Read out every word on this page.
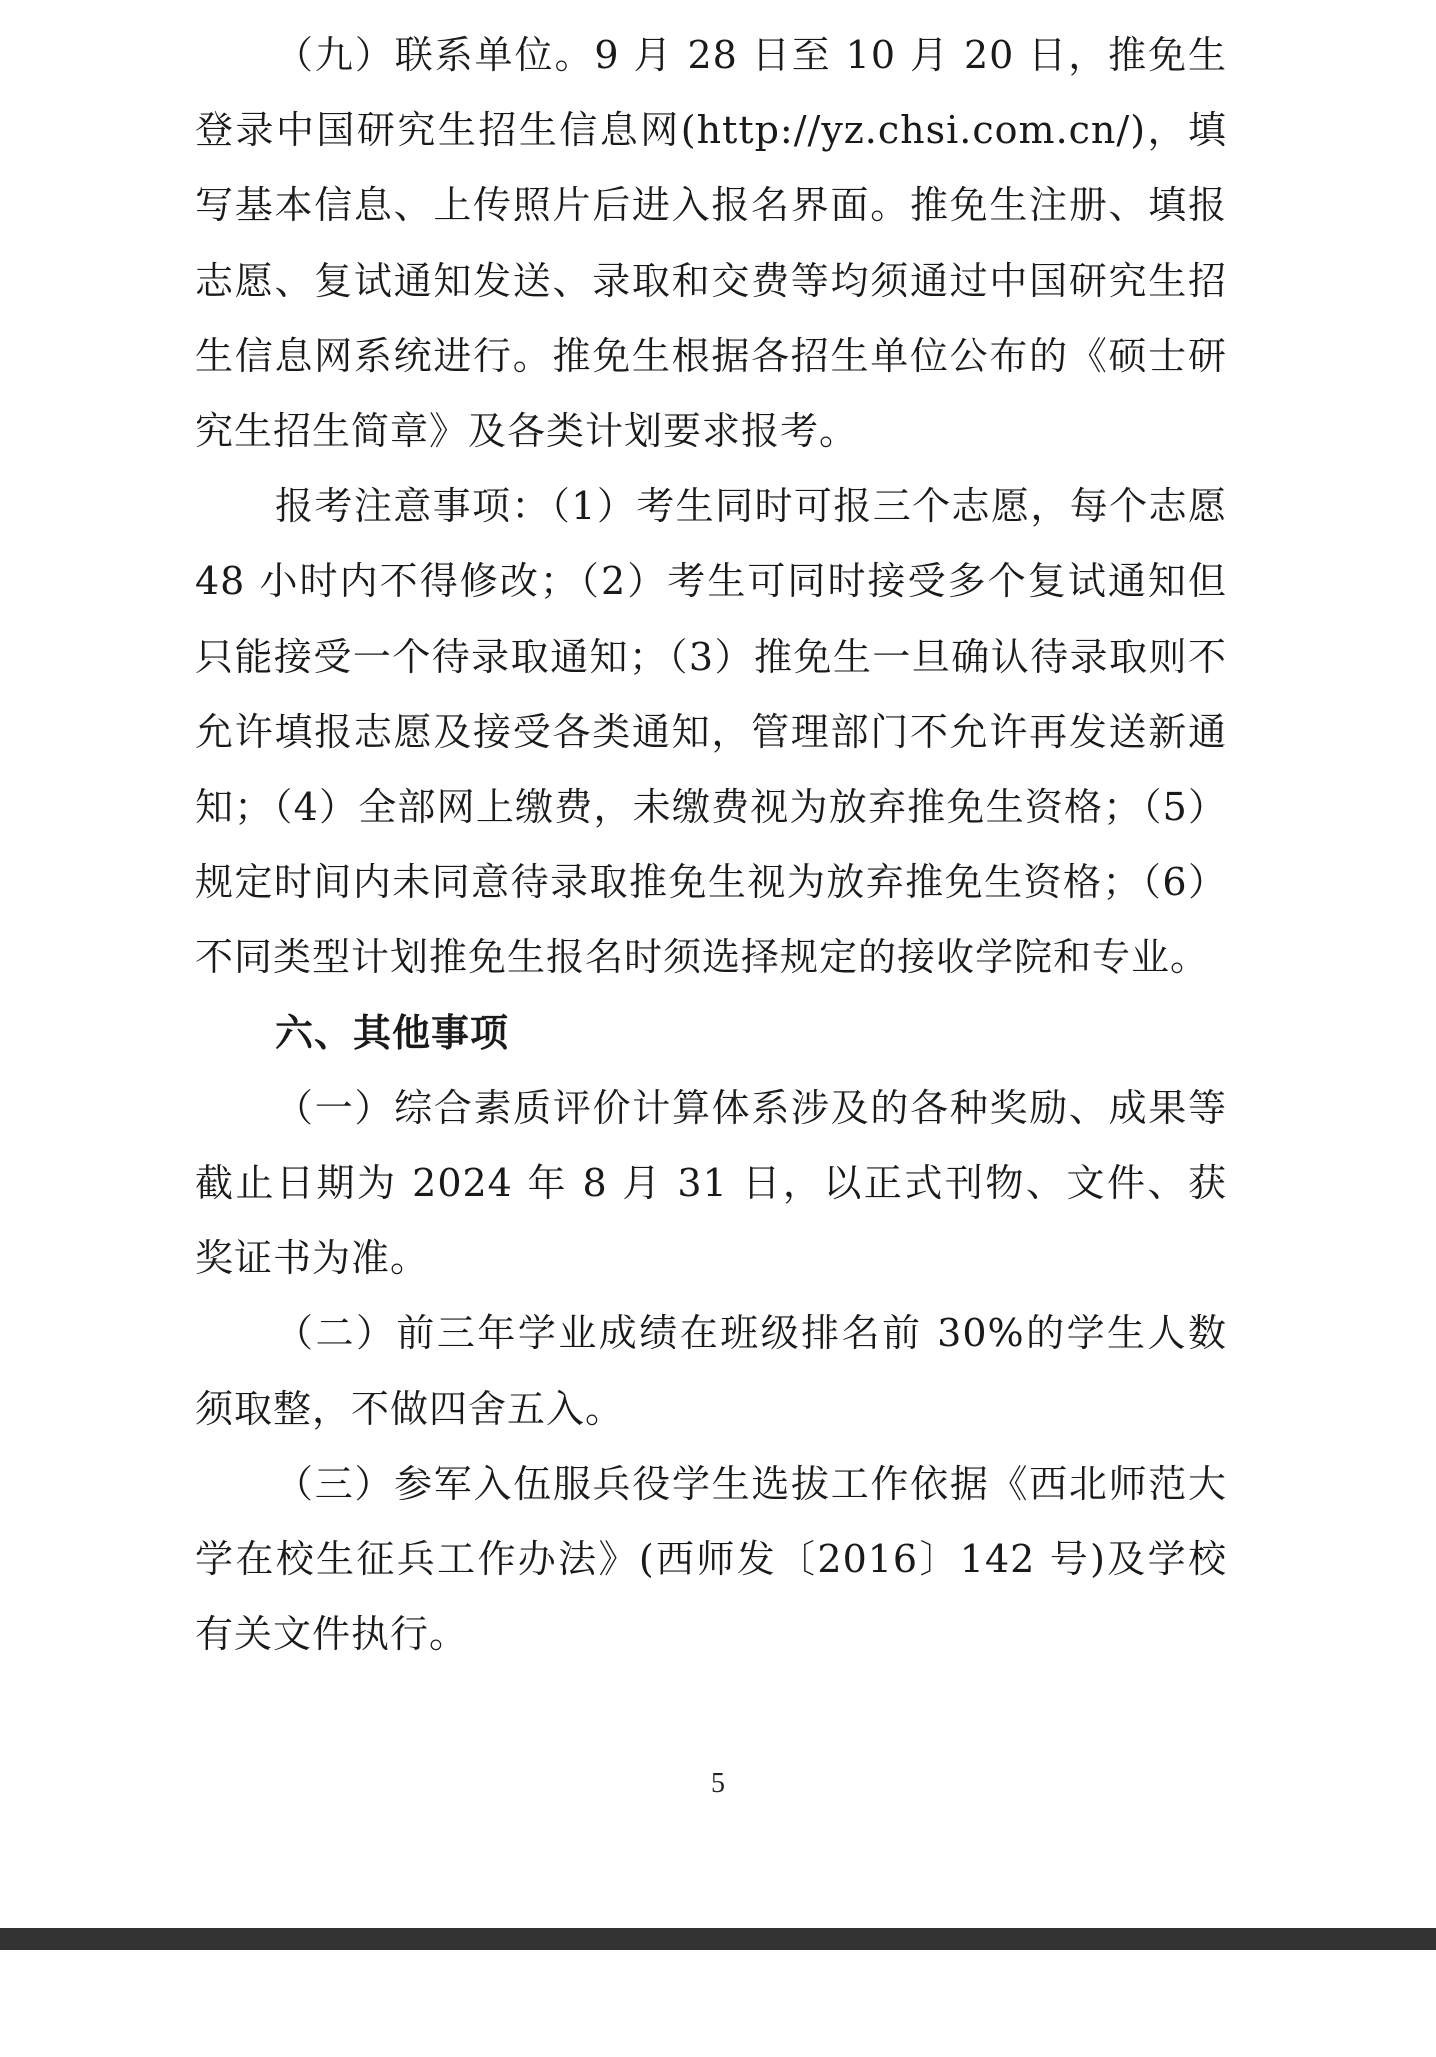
（九）联系单位。9 月 28 日至 10 月 20 日，推免生登录中国研究生招生信息网(http://yz.chsi.com.cn/)，填写基本信息、上传照片后进入报名界面。推免生注册、填报志愿、复试通知发送、录取和交费等均须通过中国研究生招生信息网系统进行。推免生根据各招生单位公布的《硕士研究生招生简章》及各类计划要求报考。

报考注意事项：（1）考生同时可报三个志愿，每个志愿 48 小时内不得修改；（2）考生可同时接受多个复试通知但只能接受一个待录取通知；（3）推免生一旦确认待录取则不允许填报志愿及接受各类通知，管理部门不允许再发送新通知；（4）全部网上缴费，未缴费视为放弃推免生资格；（5）规定时间内未同意待录取推免生视为放弃推免生资格；（6）不同类型计划推免生报名时须选择规定的接收学院和专业。

六、其他事项

（一）综合素质评价计算体系涉及的各种奖励、成果等截止日期为 2024 年 8 月 31 日，以正式刊物、文件、获奖证书为准。

（二）前三年学业成绩在班级排名前 30%的学生人数须取整，不做四舍五入。

（三）参军入伍服兵役学生选拔工作依据《西北师范大学在校生征兵工作办法》(西师发〔2016〕142 号)及学校有关文件执行。

5
